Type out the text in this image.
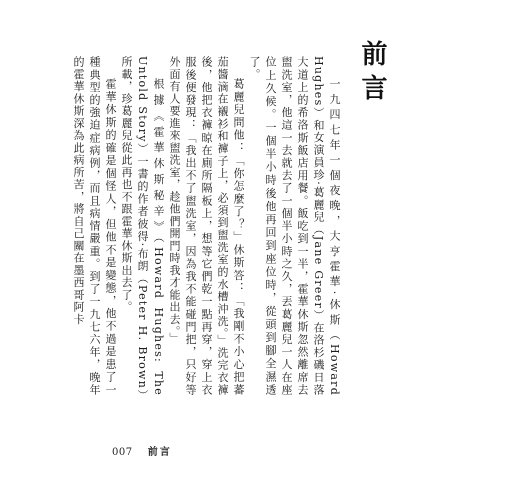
前言

一九四七年一個夜晚，大亨霍華·休斯（Howard Hughes）和女演員珍·葛麗兒（Jane Greer）在洛杉磯日落大道上的希洛斯飯店用餐。飯吃到一半，霍華休斯忽然離席去盥洗室，他這一去就去了一個半小時之久，丟葛麗兒一人在座位上久候。一個半小時後他再回到座位時，從頭到腳全濕透了。

葛麗兒問他：「你怎麼了？」休斯答：「我剛不小心把蕃茄醬滴在襯衫和褲子上，必須到盥洗室的水槽沖洗。」洗完衣褲後，他把衣褲晾在廁所隔板上，想等它們乾一點再穿，穿上衣服後便發現：「我出不了盥洗室，因為我不能碰門把，只好等外面有人要進來盥洗室，趁他們開門時我才能出去。」

根據《霍華休斯秘辛》（Howard Hughes: The Untold Story）一書的作者彼得·布朗（Peter H. Brown）所載，珍葛麗兒從此再也不跟霍華休斯出去了。

霍華休斯的確是個怪人，但他不是變態，他不過是患了一種典型的強迫症病例，而且病情嚴重。到了一九七六年，晚年的霍華休斯深為此病所苦，將自己關在墨西哥阿卡

007 前言
